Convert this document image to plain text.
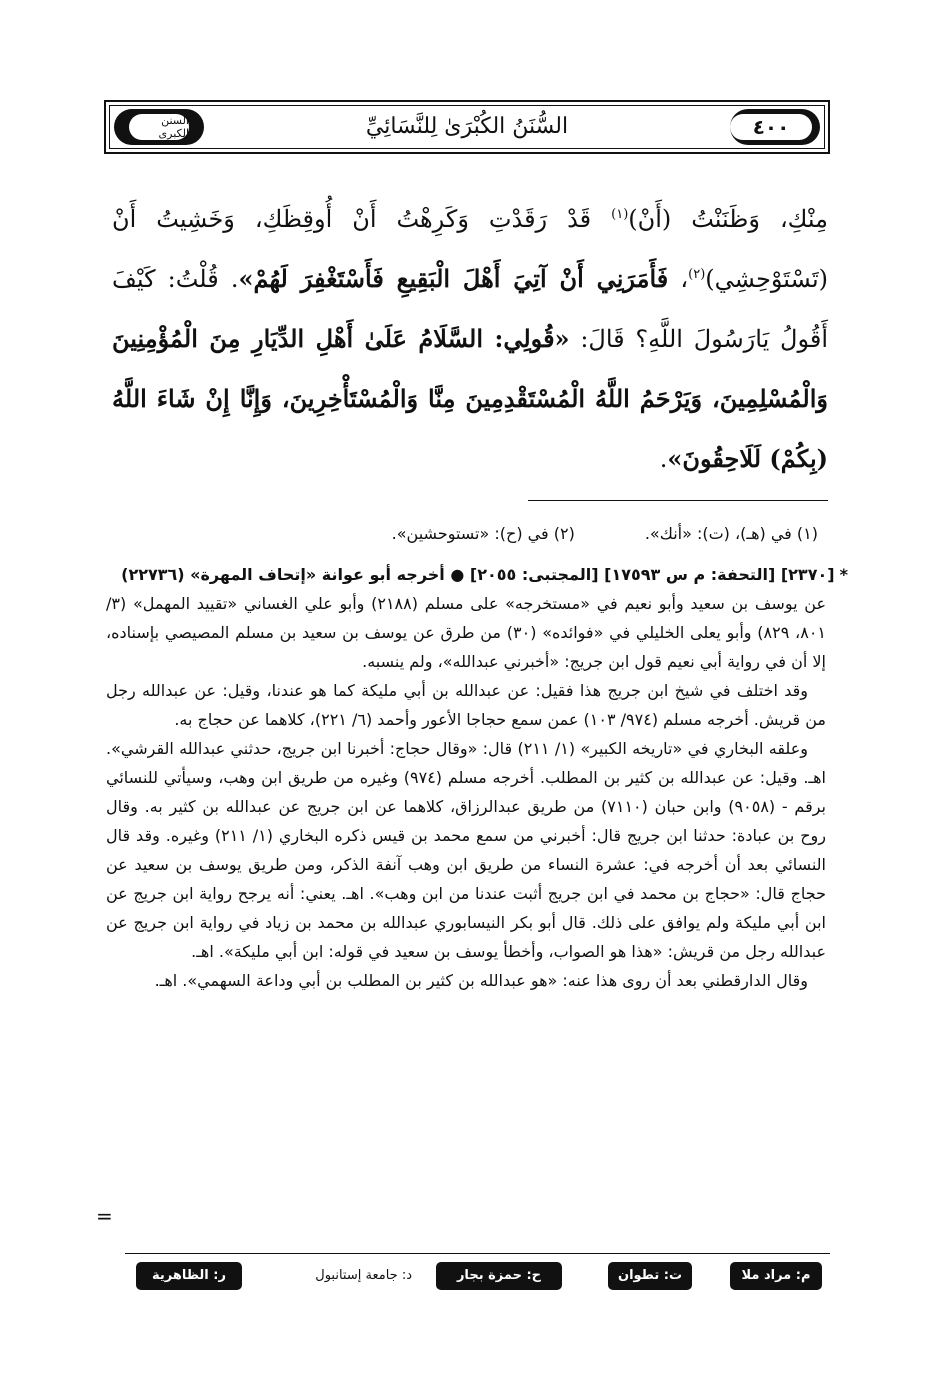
٤٠٠
السُّنَنُ الكُبْرَىٰ لِلنَّسَائِيِّ
السنن الكبرى

مِنْكِ، وَظَنَنْتُ (أَنْ)$^{(١)}$ قَدْ رَقَدْتِ وَكَرِهْتُ أَنْ أُوقِظَكِ، وَخَشِيتُ أَنْ (تَسْتَوْحِشِي)$^{(٢)}$، فَأَمَرَنِي أَنْ آتِيَ أَهْلَ الْبَقِيعِ فَأَسْتَغْفِرَ لَهُمْ». قُلْتُ: كَيْفَ أَقُولُ يَارَسُولَ اللَّهِ؟ قَالَ: «قُولِي: السَّلَامُ عَلَىٰ أَهْلِ الدِّيَارِ مِنَ الْمُؤْمِنِينَ وَالْمُسْلِمِينَ، وَيَرْحَمُ اللَّهُ الْمُسْتَقْدِمِينَ مِنَّا وَالْمُسْتَأْخِرِينَ، وَإِنَّا إِنْ شَاءَ اللَّهُ (بِكُمْ) لَلَاحِقُونَ».

(١) في (هـ)، (ت): «أنك».
(٢) في (ح): «تستوحشين».

* [٢٣٧٠] [التحفة: م س ١٧٥٩٣] [المجتبى: ٢٠٥٥] ● أخرجه أبو عوانة «إتحاف المهرة» (٢٢٧٣٦)

عن يوسف بن سعيد وأبو نعيم في «مستخرجه» على مسلم (٢١٨٨) وأبو علي الغساني «تقييد المهمل» (٣/ ٨٠١، ٨٢٩) وأبو يعلى الخليلي في «فوائده» (٣٠) من طرق عن يوسف بن سعيد بن مسلم المصيصي بإسناده، إلا أن في رواية أبي نعيم قول ابن جريج: «أخبرني عبدالله»، ولم ينسبه.

وقد اختلف في شيخ ابن جريج هذا فقيل: عن عبدالله بن أبي مليكة كما هو عندنا، وقيل: عن عبدالله رجل من قريش. أخرجه مسلم (٩٧٤/ ١٠٣) عمن سمع حجاجا الأعور وأحمد (٦/ ٢٢١)، كلاهما عن حجاج به.

وعلقه البخاري في «تاريخه الكبير» (١/ ٢١١) قال: «وقال حجاج: أخبرنا ابن جريج، حدثني عبدالله القرشي». اهـ. وقيل: عن عبدالله بن كثير بن المطلب. أخرجه مسلم (٩٧٤) وغيره من طريق ابن وهب، وسيأتي للنسائي برقم - (٩٠٥٨) وابن حبان (٧١١٠) من طريق عبدالرزاق، كلاهما عن ابن جريج عن عبدالله بن كثير به. وقال روح بن عبادة: حدثنا ابن جريج قال: أخبرني من سمع محمد بن قيس ذكره البخاري (١/ ٢١١) وغيره. وقد قال النسائي بعد أن أخرجه في: عشرة النساء من طريق ابن وهب آنفة الذكر، ومن طريق يوسف بن سعيد عن حجاج قال: «حجاج بن محمد في ابن جريج أثبت عندنا من ابن وهب». اهـ. يعني: أنه يرجح رواية ابن جريج عن ابن أبي مليكة ولم يوافق على ذلك. قال أبو بكر النيسابوري عبدالله بن محمد بن زياد في رواية ابن جريج عن عبدالله رجل من قريش: «هذا هو الصواب، وأخطأ يوسف بن سعيد في قوله: ابن أبي مليكة». اهـ.

وقال الدارقطني بعد أن روى هذا عنه: «هو عبدالله بن كثير بن المطلب بن أبي وداعة السهمي». اهـ.

=
م: مراد ملا
ت: تطوان
ح: حمزة بجار الله
د: جامعة إستانبول
ر: الظاهرية
